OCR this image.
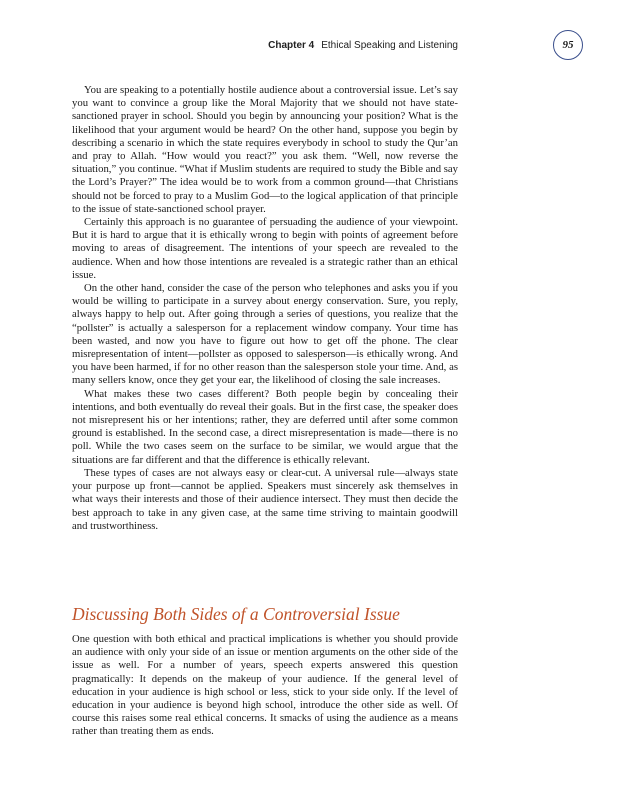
Chapter 4 Ethical Speaking and Listening	95

You are speaking to a potentially hostile audience about a controversial issue. Let’s say you want to convince a group like the Moral Majority that we should not have state-sanctioned prayer in school. Should you begin by announcing your position? What is the likelihood that your argument would be heard? On the other hand, suppose you begin by describing a scenario in which the state requires everybody in school to study the Qur’an and pray to Allah. “How would you react?” you ask them. “Well, now reverse the situation,” you continue. “What if Muslim students are required to study the Bible and say the Lord’s Prayer?” The idea would be to work from a common ground—that Christians should not be forced to pray to a Muslim God—to the logical application of that principle to the issue of state-sanctioned school prayer.

Certainly this approach is no guarantee of persuading the audience of your viewpoint. But it is hard to argue that it is ethically wrong to begin with points of agreement before moving to areas of disagreement. The intentions of your speech are revealed to the audience. When and how those intentions are revealed is a strategic rather than an ethical issue.

On the other hand, consider the case of the person who telephones and asks you if you would be willing to participate in a survey about energy conservation. Sure, you reply, always happy to help out. After going through a series of questions, you realize that the “pollster” is actually a salesperson for a replacement window company. Your time has been wasted, and now you have to figure out how to get off the phone. The clear misrepresentation of intent—pollster as opposed to salesperson—is ethically wrong. And you have been harmed, if for no other reason than the salesperson stole your time. And, as many sellers know, once they get your ear, the likelihood of closing the sale increases.

What makes these two cases different? Both people begin by concealing their intentions, and both eventually do reveal their goals. But in the first case, the speaker does not misrepresent his or her intentions; rather, they are deferred until after some common ground is established. In the second case, a direct misrepresentation is made—there is no poll. While the two cases seem on the surface to be similar, we would argue that the situations are far different and that the difference is ethically relevant.

These types of cases are not always easy or clear-cut. A universal rule—always state your purpose up front—cannot be applied. Speakers must sincerely ask themselves in what ways their interests and those of their audience intersect. They must then decide the best approach to take in any given case, at the same time striving to maintain goodwill and trustworthiness.

Discussing Both Sides of a Controversial Issue

One question with both ethical and practical implications is whether you should provide an audience with only your side of an issue or mention arguments on the other side of the issue as well. For a number of years, speech experts answered this question pragmatically: It depends on the makeup of your audience. If the general level of education in your audience is high school or less, stick to your side only. If the level of education in your audience is beyond high school, introduce the other side as well. Of course this raises some real ethical concerns. It smacks of using the audience as a means rather than treating them as ends.
